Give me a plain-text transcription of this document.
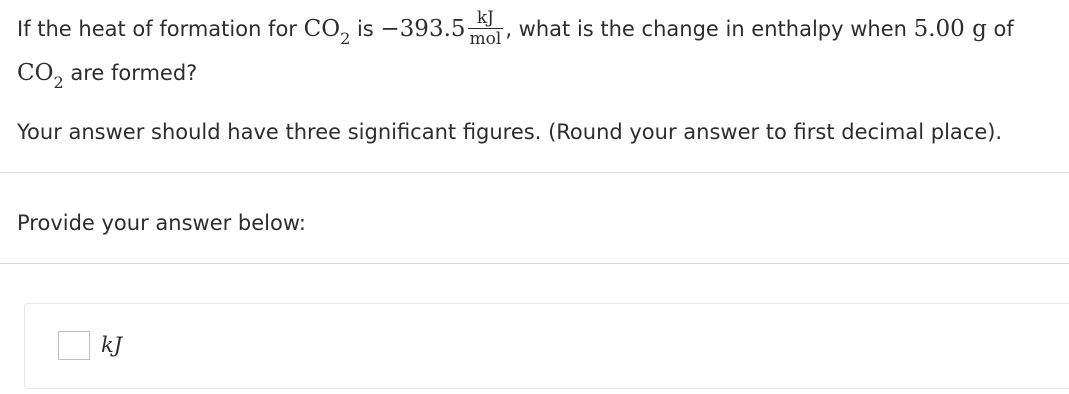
If the heat of formation for $CO_2$ is $-393.5 \frac{kJ}{\text{mol}}$ , what is the change in enthalpy when 5.00 g of
$CO_2$ are formed?
Your answer should have three significant figures. (Round your answer to first decimal place).
Provide your answer below:
kJ
